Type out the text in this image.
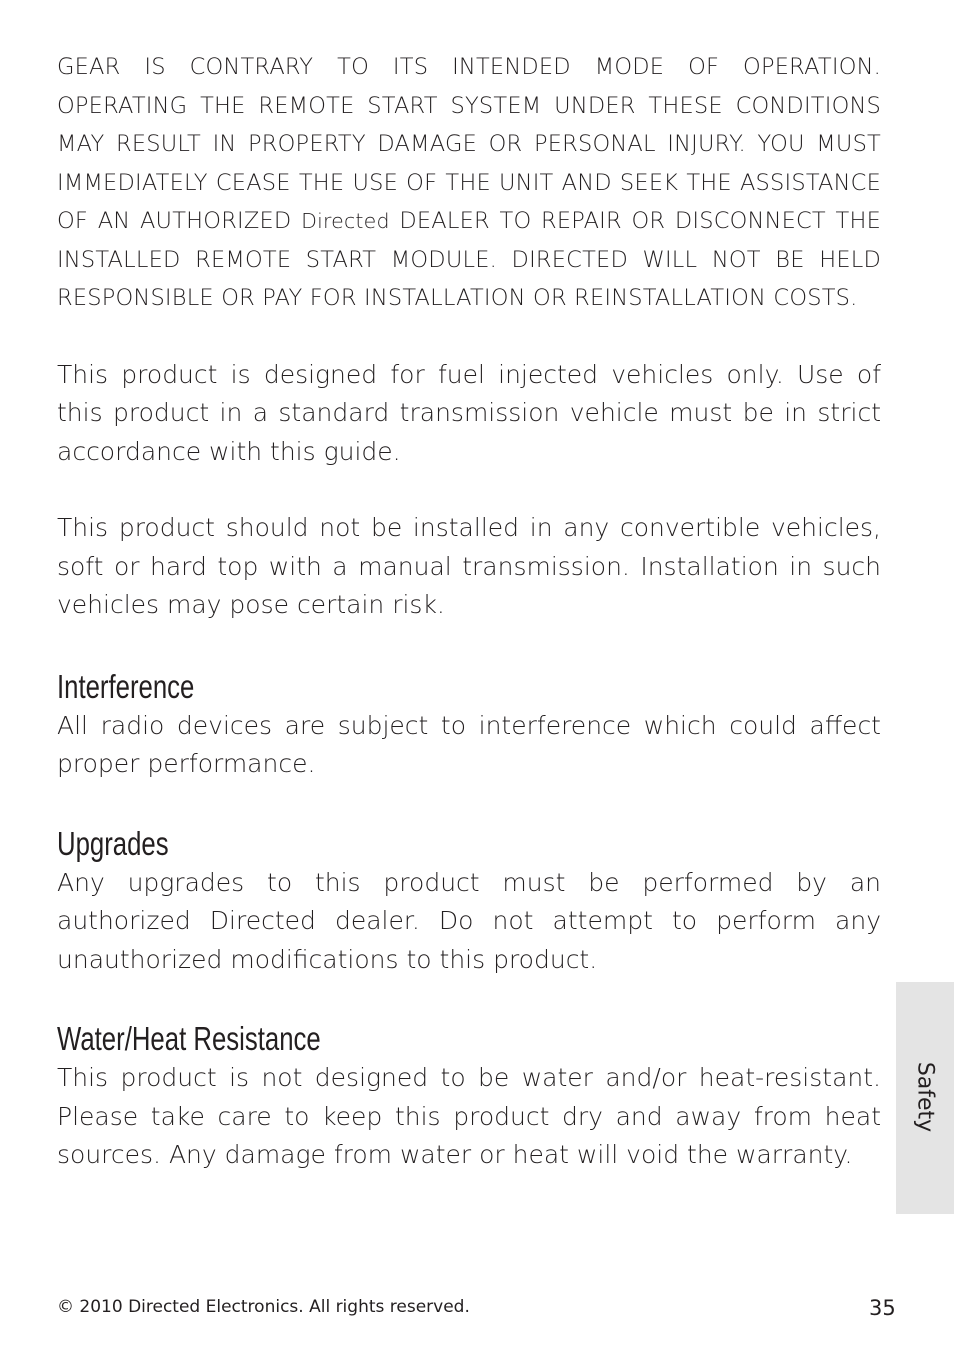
GEAR IS CONTRARY TO ITS INTENDED MODE OF OPERATION. OPERATING THE REMOTE START SYSTEM UNDER THESE CONDITIONS MAY RESULT IN PROPERTY DAMAGE OR PERSONAL INJURY. YOU MUST IMMEDIATELY CEASE THE USE OF THE UNIT AND SEEK THE ASSISTANCE OF AN AUTHORIZED Directed DEALER TO REPAIR OR DISCONNECT THE INSTALLED REMOTE START MODULE. DIRECTED WILL NOT BE HELD RESPONSIBLE OR PAY FOR INSTALLATION OR REINSTALLATION COSTS.

This product is designed for fuel injected vehicles only. Use of this product in a standard transmission vehicle must be in strict accordance with this guide.

This product should not be installed in any convertible vehicles, soft or hard top with a manual transmission. Installation in such vehicles may pose certain risk.

Interference

All radio devices are subject to interference which could affect proper performance.

Upgrades

Any upgrades to this product must be performed by an authorized Directed dealer. Do not attempt to perform any unauthorized modifications to this product.

Water/Heat Resistance

This product is not designed to be water and/or heat-resistant. Please take care to keep this product dry and away from heat sources. Any damage from water or heat will void the warranty.

Safety
© 2010 Directed Electronics. All rights reserved.	35
